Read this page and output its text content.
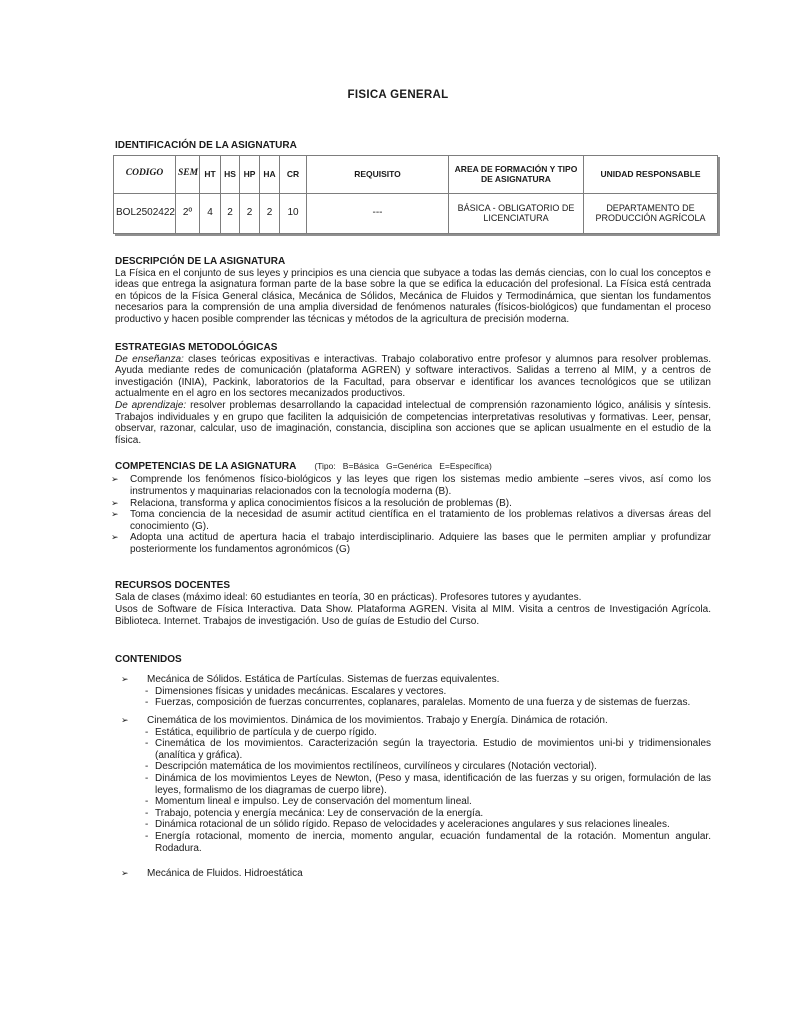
FISICA GENERAL
IDENTIFICACIÓN DE LA ASIGNATURA
CODIGO	SEM	HT	HS	HP	HA	CR	REQUISITO	AREA DE FORMACIÓN Y TIPO DE ASIGNATURA	UNIDAD RESPONSABLE
BOL2502422	2º	4	2	2	2	10	---	BÁSICA - OBLIGATORIO DE LICENCIATURA	DEPARTAMENTO DE PRODUCCIÓN AGRÍCOLA
DESCRIPCIÓN DE LA ASIGNATURA

La Física en el conjunto de sus leyes y principios es una ciencia que subyace a todas las demás ciencias, con lo cual los conceptos e ideas que entrega la asignatura forman parte de la base sobre la que se edifica la educación del profesional. La Física está centrada en tópicos de la Física General clásica, Mecánica de Sólidos, Mecánica de Fluidos y Termodinámica, que sientan los fundamentos necesarios para la comprensión de una amplia diversidad de fenómenos naturales (físicos-biológicos) que fundamentan el proceso productivo y hacen posible comprender las técnicas y métodos de la agricultura de precisión moderna.

ESTRATEGIAS METODOLÓGICAS

De enseñanza: clases teóricas expositivas e interactivas. Trabajo colaborativo entre profesor y alumnos para resolver problemas. Ayuda mediante redes de comunicación (plataforma AGREN) y software interactivos. Salidas a terreno al MIM, y a centros de investigación (INIA), Packink, laboratorios de la Facultad, para observar e identificar los avances tecnológicos que se utilizan actualmente en el agro en los sectores mecanizados productivos.

De aprendizaje: resolver problemas desarrollando la capacidad intelectual de comprensión razonamiento lógico, análisis y síntesis. Trabajos individuales y en grupo que faciliten la adquisición de competencias interpretativas resolutivas y formativas. Leer, pensar, observar, razonar, calcular, uso de imaginación, constancia, disciplina son acciones que se aplican usualmente en el estudio de la física.

COMPETENCIAS DE LA ASIGNATURA (Tipo:   B=Básica   G=Genérica   E=Específica)
➢ Comprende los fenómenos físico-biológicos y las leyes que rigen los sistemas medio ambiente –seres vivos, así como los instrumentos y maquinarias relacionados con la tecnología moderna (B).
➢ Relaciona, transforma y aplica conocimientos físicos a la resolución de problemas (B).
➢ Toma conciencia de la necesidad de asumir actitud científica en el tratamiento de los problemas relativos a diversas áreas del conocimiento (G).
➢ Adopta una actitud de apertura hacia el trabajo interdisciplinario. Adquiere las bases que le permiten ampliar y profundizar posteriormente los fundamentos agronómicos (G)
RECURSOS DOCENTES

Sala de clases (máximo ideal: 60 estudiantes en teoría, 30 en prácticas). Profesores tutores y ayudantes.

Usos de Software de Física Interactiva. Data Show. Plataforma AGREN. Visita al MIM. Visita a centros de Investigación Agrícola. Biblioteca. Internet. Trabajos de investigación. Uso de guías de Estudio del Curso.

CONTENIDOS
➢ Mecánica de Sólidos. Estática de Partículas. Sistemas de fuerzas equivalentes.
- Dimensiones físicas y unidades mecánicas. Escalares y vectores.
- Fuerzas, composición de fuerzas concurrentes, coplanares, paralelas. Momento de una fuerza y de sistemas de fuerzas.
➢ Cinemática de los movimientos. Dinámica de los movimientos. Trabajo y Energía. Dinámica de rotación.
- Estática, equilibrio de partícula y de cuerpo rígido.
- Cinemática de los movimientos. Caracterización según la trayectoria. Estudio de movimientos uni-bi y tridimensionales (analítica y gráfica).
- Descripción matemática de los movimientos rectilíneos, curvilíneos y circulares (Notación vectorial).
- Dinámica de los movimientos Leyes de Newton, (Peso y masa, identificación de las fuerzas y su origen, formulación de las leyes, formalismo de los diagramas de cuerpo libre).
- Momentum lineal e impulso. Ley de conservación del momentum lineal.
- Trabajo, potencia y energía mecánica: Ley de conservación de la energía.
- Dinámica rotacional de un sólido rígido. Repaso de velocidades y aceleraciones angulares y sus relaciones lineales.
- Energía rotacional, momento de inercia, momento angular, ecuación fundamental de la rotación. Momentun angular. Rodadura.
➢ Mecánica de Fluidos. Hidroestática
